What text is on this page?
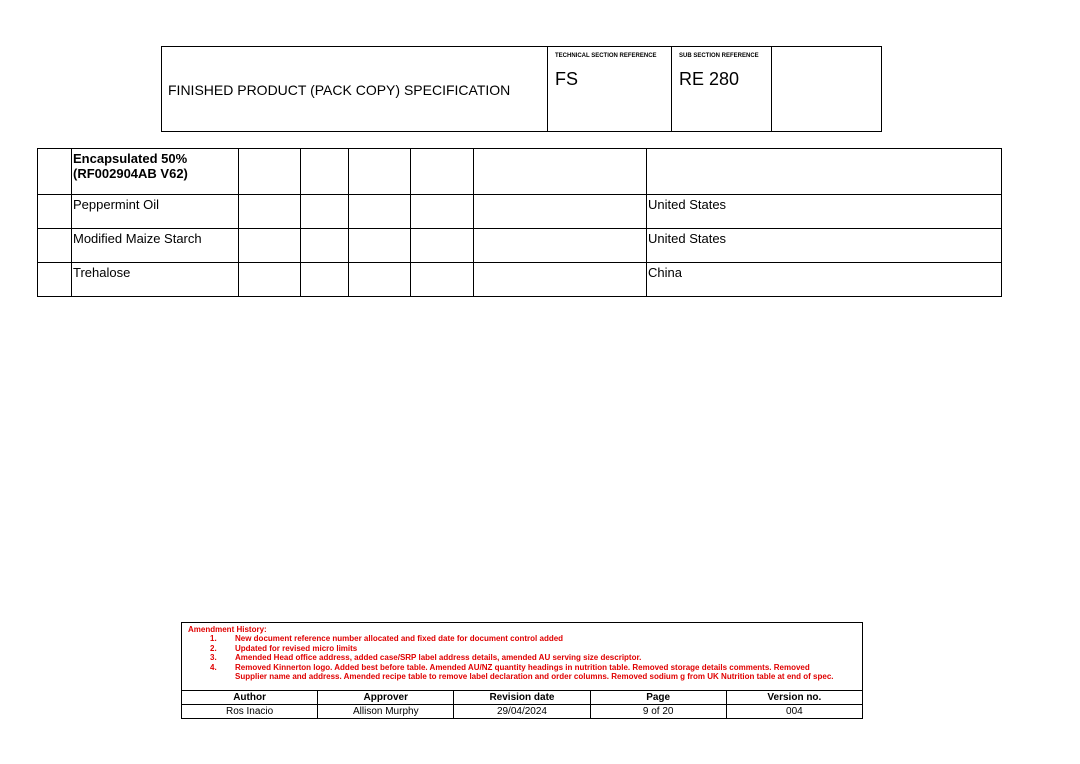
FINISHED PRODUCT (PACK COPY) SPECIFICATION
TECHNICAL SECTION REFERENCE
FS
SUB SECTION REFERENCE
RE 280
	Encapsulated 50%
(RF002904AB V62)						
	Peppermint Oil						United States
	Modified Maize Starch						United States
	Trehalose						China
Amendment History:
1. New document reference number allocated and fixed date for document control added
2. Updated for revised micro limits
3. Amended Head office address, added case/SRP label address details, amended AU serving size descriptor.
4. Removed Kinnerton logo. Added best before table. Amended AU/NZ quantity headings in nutrition table. Removed storage details comments. Removed Supplier name and address. Amended recipe table to remove label declaration and order columns. Removed sodium g from UK Nutrition table at end of spec.
Author	Approver	Revision date	Page	Version no.
Ros Inacio	Allison Murphy	29/04/2024	9 of 20	004
